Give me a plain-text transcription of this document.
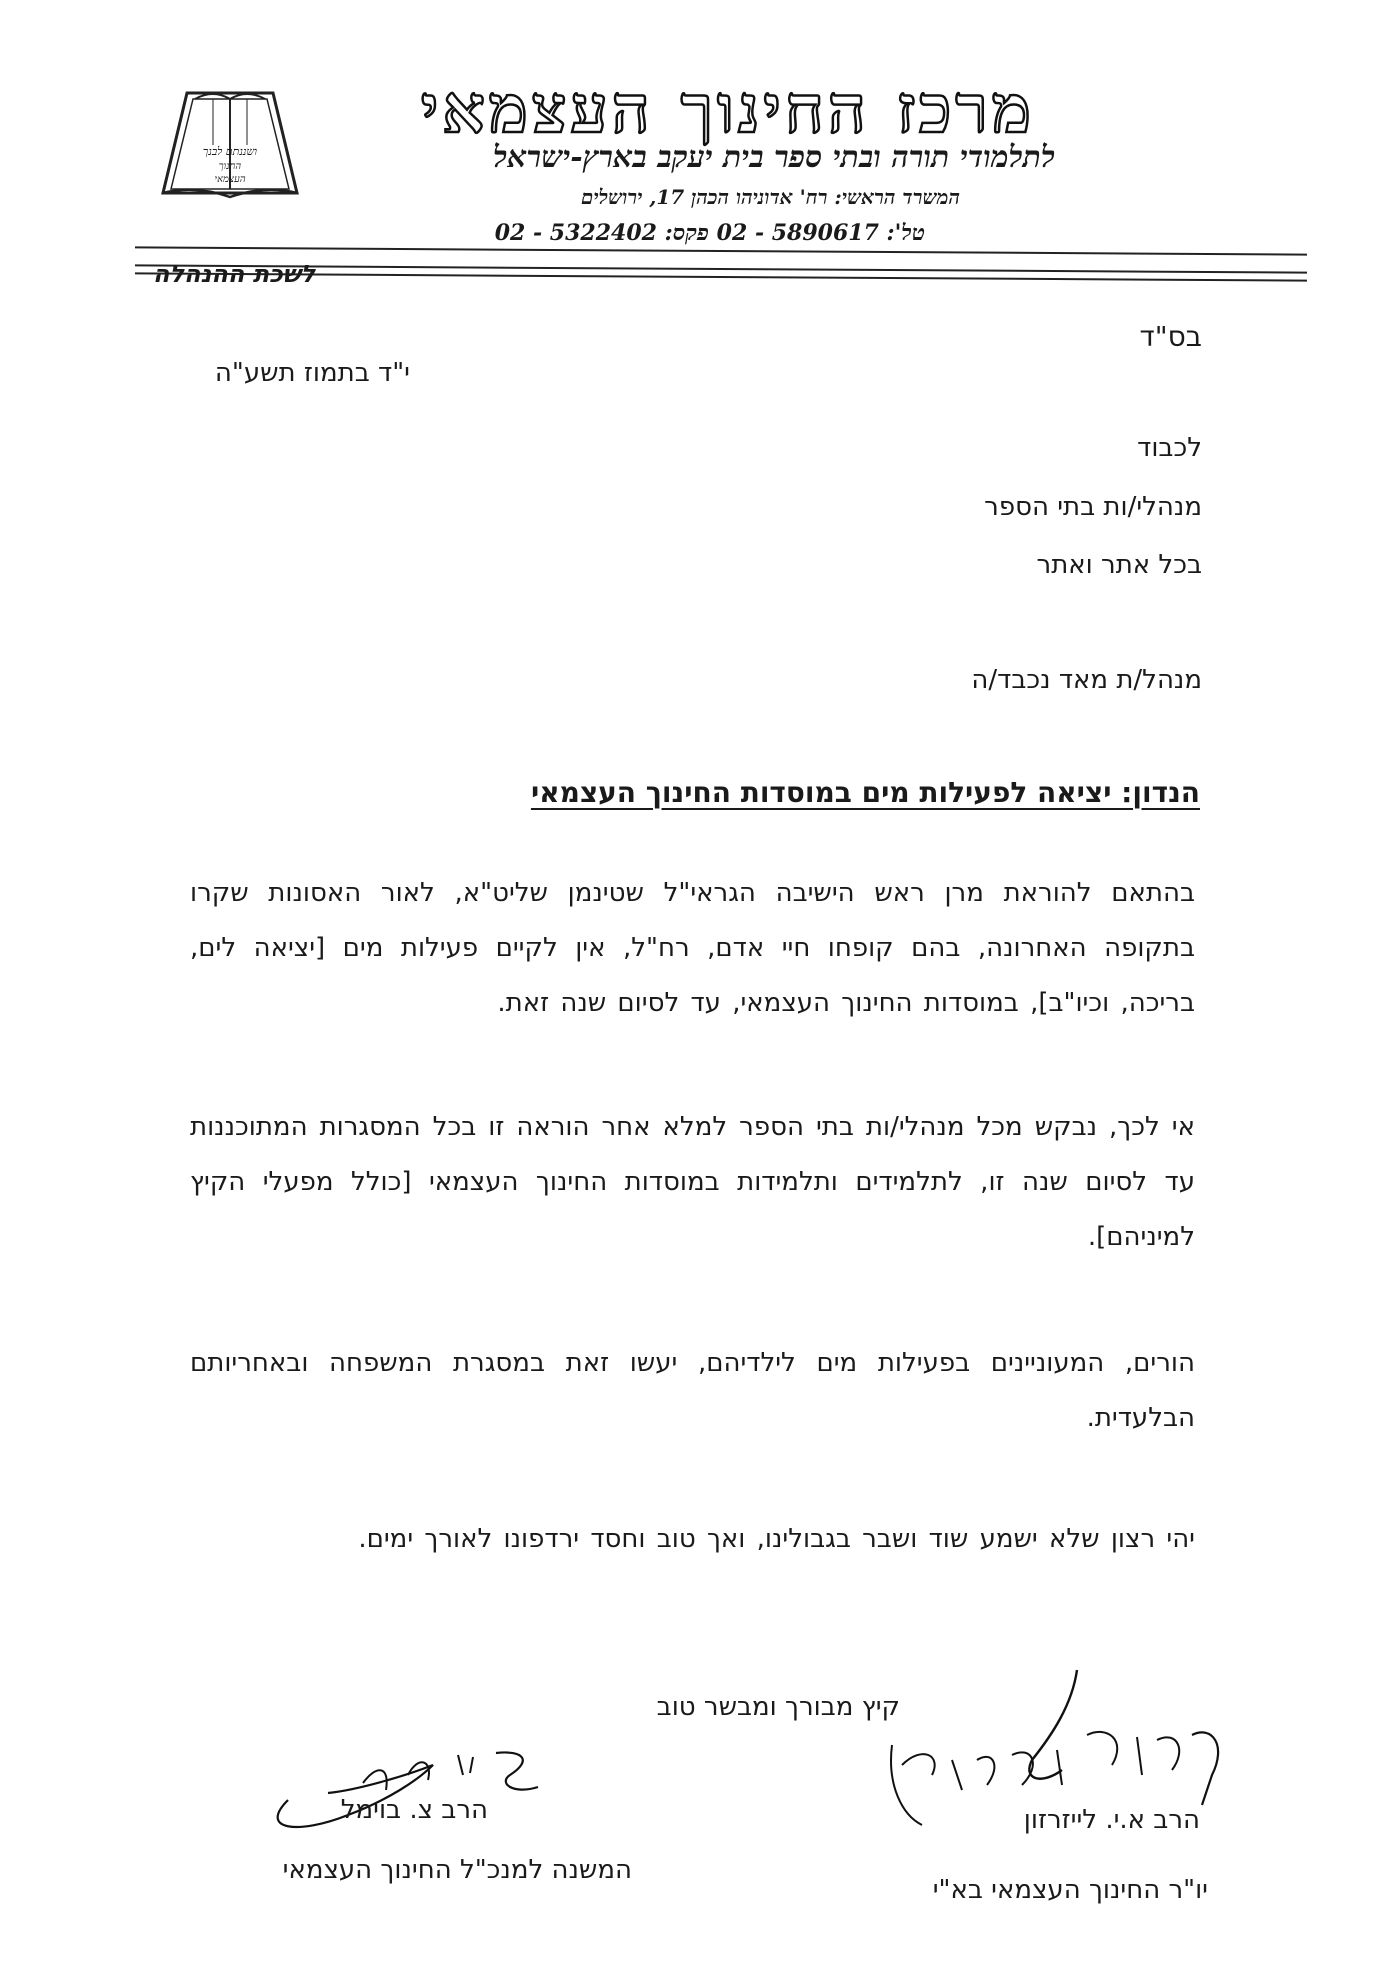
ושננתם לבנך
החנוך
העצמאי
מרכז החינוך העצמאי
לתלמודי תורה ובתי ספר בית יעקב בארץ-ישראל
המשרד הראשי: רח' אדוניהו הכהן 17, ירושלים
טל': 5890617 - 02 פקס: 5322402 - 02
לשכת ההנהלה
בס"ד
י"ד בתמוז תשע"ה
לכבוד
מנהלי/ות בתי הספר
בכל אתר ואתר
מנהל/ת מאד נכבד/ה
הנדון: יציאה לפעילות מים במוסדות החינוך העצמאי
בהתאם להוראת מרן ראש הישיבה הגראי"ל שטינמן שליט"א, לאור האסונות שקרו בתקופה האחרונה, בהם קופחו חיי אדם, רח"ל, אין לקיים פעילות מים [יציאה לים, בריכה, וכיו"ב], במוסדות החינוך העצמאי, עד לסיום שנה זאת.
אי לכך, נבקש מכל מנהלי/ות בתי הספר למלא אחר הוראה זו בכל המסגרות המתוכננות עד לסיום שנה זו, לתלמידים ותלמידות במוסדות החינוך העצמאי [כולל מפעלי הקיץ למיניהם].
הורים, המעוניינים בפעילות מים לילדיהם, יעשו זאת במסגרת המשפחה ובאחריותם הבלעדית.
יהי רצון שלא ישמע שוד ושבר בגבולינו, ואך טוב וחסד ירדפונו לאורך ימים.
קיץ מבורך ומבשר טוב
הרב צ. בוימל
המשנה למנכ"ל החינוך העצמאי
הרב א.י. לייזרזון
יו"ר החינוך העצמאי בא"י
